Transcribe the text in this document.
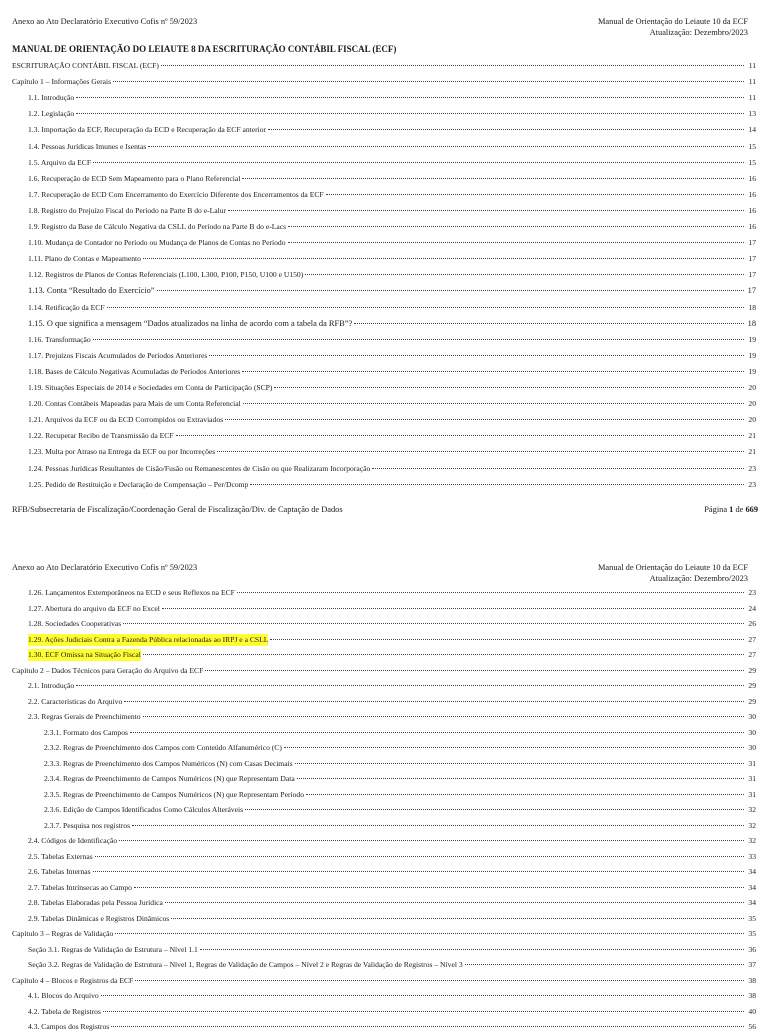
Anexo ao Ato Declaratório Executivo Cofis nº 59/2023	Manual de Orientação do Leiaute 10 da ECF
Atualização: Dezembro/2023
MANUAL DE ORIENTAÇÃO DO LEIAUTE 8 DA ESCRITURAÇÃO CONTÁBIL FISCAL (ECF)
ESCRITURAÇÃO CONTÁBIL FISCAL (ECF)	11
Capítulo 1 – Informações Gerais	11
1.1. Introdução	11
1.2. Legislação	13
1.3. Importação da ECF, Recuperação da ECD e Recuperação da ECF anterior	14
1.4. Pessoas Jurídicas Imunes e Isentas	15
1.5. Arquivo da ECF	15
1.6. Recuperação de ECD Sem Mapeamento para o Plano Referencial	16
1.7. Recuperação de ECD Com Encerramento do Exercício Diferente dos Encerramentos da ECF	16
1.8. Registro do Prejuízo Fiscal do Período na Parte B do e-Lalur	16
1.9. Registro da Base de Cálculo Negativa da CSLL do Período na Parte B do e-Lacs	16
1.10. Mudança de Contador no Período ou Mudança de Planos de Contas no Período	17
1.11. Plano de Contas e Mapeamento	17
1.12. Registros de Planos de Contas Referenciais (L100, L300, P100, P150, U100 e U150)	17
1.13. Conta “Resultado do Exercício”	17
1.14. Retificação da ECF	18
1.15. O que significa a mensagem “Dados atualizados na linha de acordo com a tabela da RFB”?	18
1.16. Transformação	19
1.17. Prejuízos Fiscais Acumulados de Períodos Anteriores	19
1.18. Bases de Cálculo Negativas Acumuladas de Períodos Anteriores	19
1.19. Situações Especiais de 2014 e Sociedades em Conta de Participação (SCP)	20
1.20. Contas Contábeis Mapeadas para Mais de um Conta Referencial	20
1.21. Arquivos da ECF ou da ECD Corrompidos ou Extraviados	20
1.22. Recuperar Recibo de Transmissão da ECF	21
1.23. Multa por Atraso na Entrega da ECF ou por Incorreções	21
1.24. Pessoas Jurídicas Resultantes de Cisão/Fusão ou Remanescentes de Cisão ou que Realizaram Incorporação	23
1.25. Pedido de Restituição e Declaração de Compensação – Per/Dcomp	23
RFB/Subsecretaria de Fiscalização/Coordenação Geral de Fiscalização/Div. de Captação de Dados	Página 1 de 669
Anexo ao Ato Declaratório Executivo Cofis nº 59/2023	Manual de Orientação do Leiaute 10 da ECF
Atualização: Dezembro/2023
1.26. Lançamentos Extemporâneos na ECD e seus Reflexos na ECF	23
1.27. Abertura do arquivo da ECF no Excel	24
1.28. Sociedades Cooperativas	26
1.29. Ações Judiciais Contra a Fazenda Pública relacionadas ao IRPJ e a CSLL	27
1.30. ECF Omissa na Situação Fiscal	27
Capítulo 2 – Dados Técnicos para Geração do Arquivo da ECF	29
2.1. Introdução	29
2.2. Características do Arquivo	29
2.3. Regras Gerais de Preenchimento	30
2.3.1. Formato dos Campos	30
2.3.2. Regras de Preenchimento dos Campos com Conteúdo Alfanumérico (C)	30
2.3.3. Regras de Preenchimento dos Campos Numéricos (N) com Casas Decimais	31
2.3.4. Regras de Preenchimento de Campos Numéricos (N) que Representam Data	31
2.3.5. Regras de Preenchimento de Campos Numéricos (N) que Representam Período	31
2.3.6. Edição de Campos Identificados Como Cálculos Alteráveis	32
2.3.7. Pesquisa nos registros	32
2.4. Códigos de Identificação	32
2.5. Tabelas Externas	33
2.6. Tabelas Internas	34
2.7. Tabelas Intrínsecas ao Campo	34
2.8. Tabelas Elaboradas pela Pessoa Jurídica	34
2.9. Tabelas Dinâmicas e Registros Dinâmicos	35
Capítulo 3 – Regras de Validação	35
Seção 3.1. Regras de Validação de Estrutura – Nível 1.1	36
Seção 3.2. Regras de Validação de Estrutura – Nível 1, Regras de Validação de Campos – Nível 2 e Regras de Validação de Registros – Nível 3	37
Capítulo 4 – Blocos e Registros da ECF	38
4.1. Blocos do Arquivo	38
4.2. Tabela de Registros	40
4.3. Campos dos Registros	56
